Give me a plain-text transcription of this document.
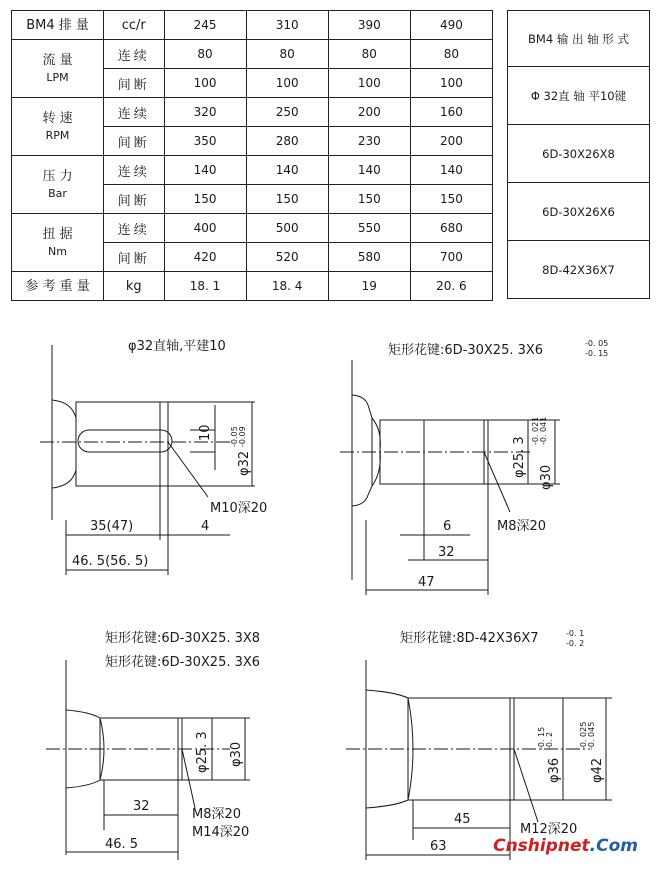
BM4 排 量	cc/r	245	310	390	490

流 量
LPM	连续	80	80	80	80
	间断	100	100	100	100

转 速
RPM	连续	320	250	200	160
	间断	350	280	230	200

压 力
Bar	连续	140	140	140	140
	间断	150	150	150	150

扭 据
Nm	连续	400	500	550	680
	间断	420	520	580	700
参 考 重 量	kg	18. 1	18. 4	19	20. 6
BM4 输 出 轴 形 式
Φ 32直 轴 平10键
6D-30X26X8
6D-30X26X6
8D-42X36X7
φ32直轴,平建10
10
φ32
-0.05 -0.09
M10深20
35(47)	4
46. 5(56. 5)
矩形花键:6D-30X25. 3X6	-0. 05
-0. 15
φ25. 3 φ30
-0. 021 -0. 041
M8深20
6
32
47
矩形花键:6D-30X25. 3X8
矩形花键:6D-30X25. 3X6
φ25. 3 φ30
M8深20
M14深20
32
46. 5
矩形花键:8D-42X36X7	-0. 1
-0. 2
φ36
-0. 15 -0. 2
φ42
-0. 025 -0. 045
M12深20
45
63	Cnshipnet.Com
